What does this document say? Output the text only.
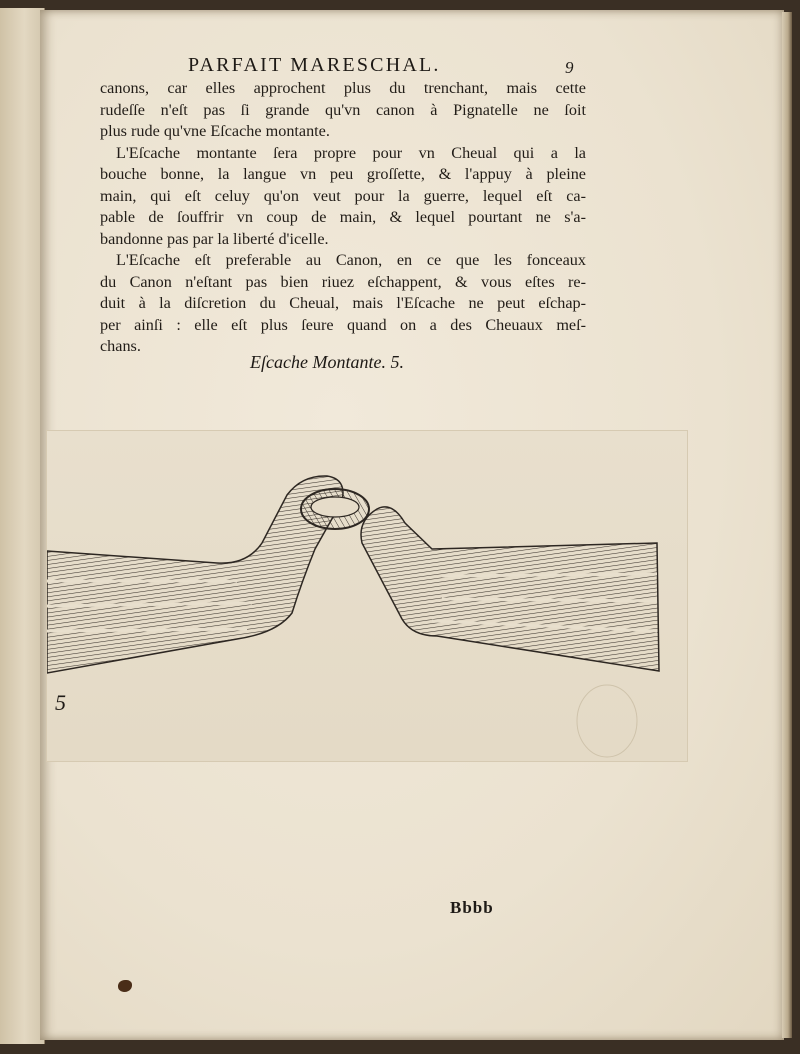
PARFAIT MARESCHAL.	9
canons, car elles approchent plus du trenchant, mais cette
rudeſſe n'eſt pas ſi grande qu'vn canon à Pignatelle ne ſoit
plus rude qu'vne Eſcache montante.
L'Eſcache montante ſera propre pour vn Cheual qui a la
bouche bonne, la langue vn peu groſſette, & l'appuy à pleine
main, qui eſt celuy qu'on veut pour la guerre, lequel eſt ca-
pable de ſouffrir vn coup de main, & lequel pourtant ne s'a-
bandonne pas par la liberté d'icelle.
L'Eſcache eſt preferable au Canon, en ce que les fonceaux
du Canon n'eſtant pas bien riuez eſchappent, & vous eſtes re-
duit à la diſcretion du Cheual, mais l'Eſcache ne peut eſchap-
per ainſi : elle eſt plus ſeure quand on a des Cheuaux meſ-
chans.
Eſcache Montante. 5.
5
Bbbb
